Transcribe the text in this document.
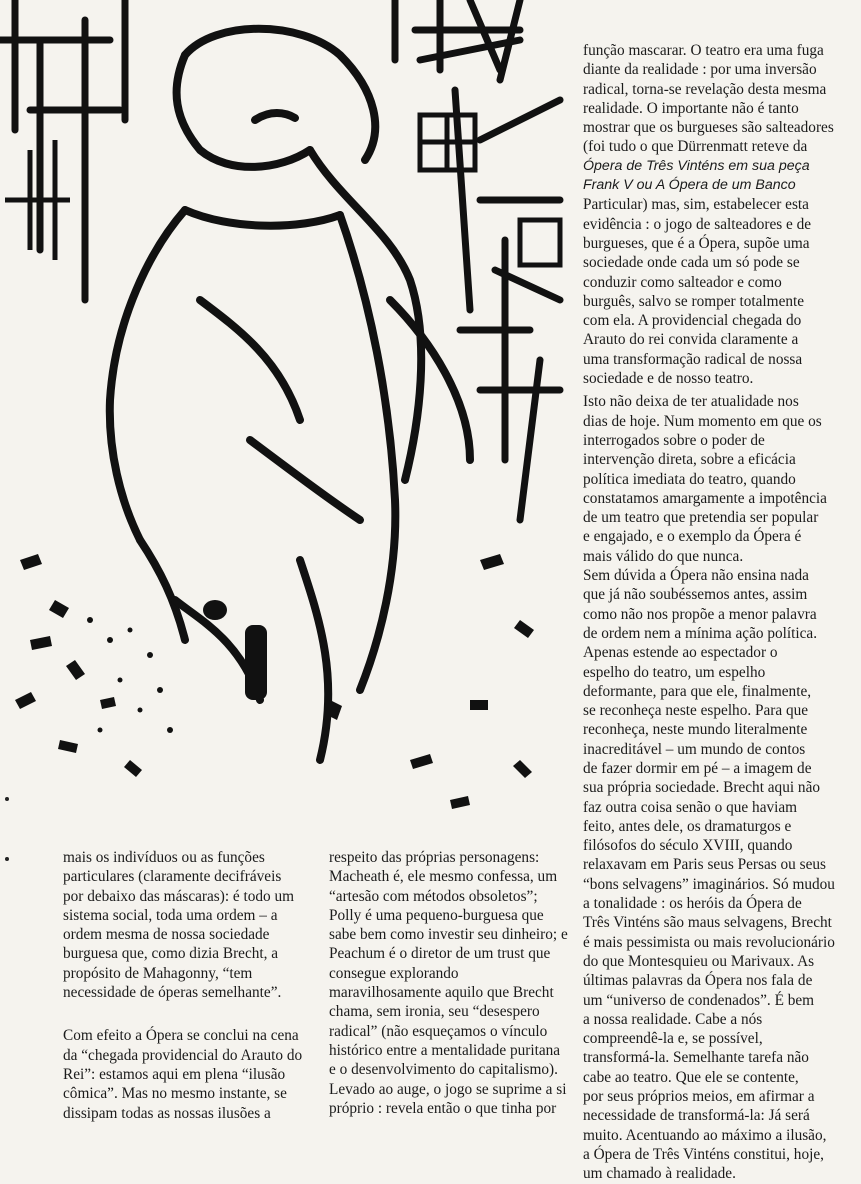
função mascarar. O teatro era uma fuga
diante da realidade : por uma inversão
radical, torna-se revelação desta mesma
realidade. O importante não é tanto
mostrar que os burgueses são salteadores
(foi tudo o que Dürrenmatt reteve da
Ópera de Três Vinténs em sua peça
Frank V ou A Ópera de um Banco
Particular) mas, sim, estabelecer esta
evidência : o jogo de salteadores e de
burgueses, que é a Ópera, supõe uma
sociedade onde cada um só pode se
conduzir como salteador e como
burguês, salvo se romper totalmente
com ela. A providencial chegada do
Arauto do rei convida claramente a
uma transformação radical de nossa
sociedade e de nosso teatro.

Isto não deixa de ter atualidade nos
dias de hoje. Num momento em que os
interrogados sobre o poder de
intervenção direta, sobre a eficácia
política imediata do teatro, quando
constatamos amargamente a impotência
de um teatro que pretendia ser popular
e engajado, e o exemplo da Ópera é
mais válido do que nunca.

Sem dúvida a Ópera não ensina nada
que já não soubéssemos antes, assim
como não nos propõe a menor palavra
de ordem nem a mínima ação política.
Apenas estende ao espectador o
espelho do teatro, um espelho
deformante, para que ele, finalmente,
se reconheça neste espelho. Para que
reconheça, neste mundo literalmente
inacreditável – um mundo de contos
de fazer dormir em pé – a imagem de
sua própria sociedade. Brecht aqui não
faz outra coisa senão o que haviam
feito, antes dele, os dramaturgos e
filósofos do século XVIII, quando
relaxavam em Paris seus Persas ou seus
“bons selvagens” imaginários. Só mudou
a tonalidade : os heróis da Ópera de
Três Vinténs são maus selvagens, Brecht
é mais pessimista ou mais revolucionário
do que Montesquieu ou Marivaux. As
últimas palavras da Ópera nos fala de
um “universo de condenados”. É bem
a nossa realidade. Cabe a nós
compreendê-la e, se possível,
transformá-la. Semelhante tarefa não
cabe ao teatro. Que ele se contente,
por seus próprios meios, em afirmar a
necessidade de transformá-la: Já será
muito. Acentuando ao máximo a ilusão,
a Ópera de Três Vinténs constitui, hoje,
um chamado à realidade.

mais os indivíduos ou as funções
particulares (claramente decifráveis
por debaixo das máscaras): é todo um
sistema social, toda uma ordem – a
ordem mesma de nossa sociedade
burguesa que, como dizia Brecht, a
propósito de Mahagonny, “tem
necessidade de óperas semelhante”.

Com efeito a Ópera se conclui na cena
da “chegada providencial do Arauto do
Rei”: estamos aqui em plena “ilusão
cômica”. Mas no mesmo instante, se
dissipam todas as nossas ilusões a

respeito das próprias personagens:
Macheath é, ele mesmo confessa, um
“artesão com métodos obsoletos”;
Polly é uma pequeno-burguesa que
sabe bem como investir seu dinheiro; e
Peachum é o diretor de um trust que
consegue explorando
maravilhosamente aquilo que Brecht
chama, sem ironia, seu “desespero
radical” (não esqueçamos o vínculo
histórico entre a mentalidade puritana
e o desenvolvimento do capitalismo).
Levado ao auge, o jogo se suprime a si
próprio : revela então o que tinha por
